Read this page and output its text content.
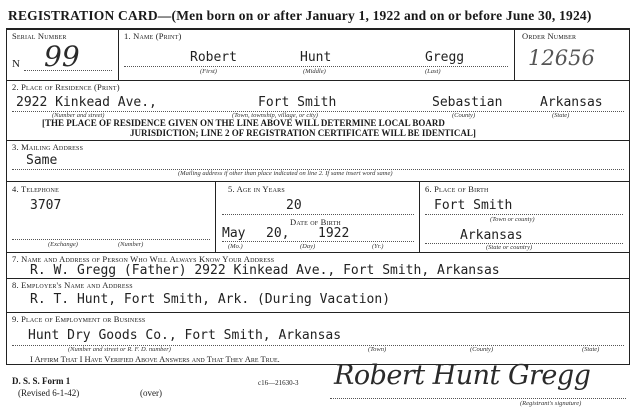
REGISTRATION CARD—(Men born on or after January 1, 1922 and on or before June 30, 1924)
Serial Number
N 99
1. Name (Print)
Robert	Hunt	Gregg
(First)	(Middle)	(Last)
Order Number
12656
2. Place of Residence (Print)
2922 Kinkead Ave.,	Fort Smith	Sebastian	Arkansas
(Number and street)	(Town, township, village, or city)	(County)	(State)
[THE PLACE OF RESIDENCE GIVEN ON THE LINE ABOVE WILL DETERMINE LOCAL BOARD
JURISDICTION; LINE 2 OF REGISTRATION CERTIFICATE WILL BE IDENTICAL]
3. Mailing Address
Same
(Mailing address if other than place indicated on line 2. If same insert word same)
4. Telephone
3707
(Exchange)	(Number)
5. Age in Years
20
Date of Birth
May 20, 1922
(Mo.)	(Day)	(Yr.)
6. Place of Birth
Fort Smith
(Town or county)
Arkansas
(State or country)
7. Name and Address of Person Who Will Always Know Your Address
R. W. Gregg (Father) 2922 Kinkead Ave., Fort Smith, Arkansas
8. Employer's Name and Address
R. T. Hunt, Fort Smith, Ark. (During Vacation)
9. Place of Employment or Business
Hunt Dry Goods Co., Fort Smith, Arkansas
(Number and street or R. F. D. number)	(Town)	(County)	(State)
I Affirm That I Have Verified Above Answers and That They Are True.
D. S. S. Form 1
(Revised 6-1-42)	(over)
c16—21630-3 Robert Hunt Gregg
(Registrant's signature)
